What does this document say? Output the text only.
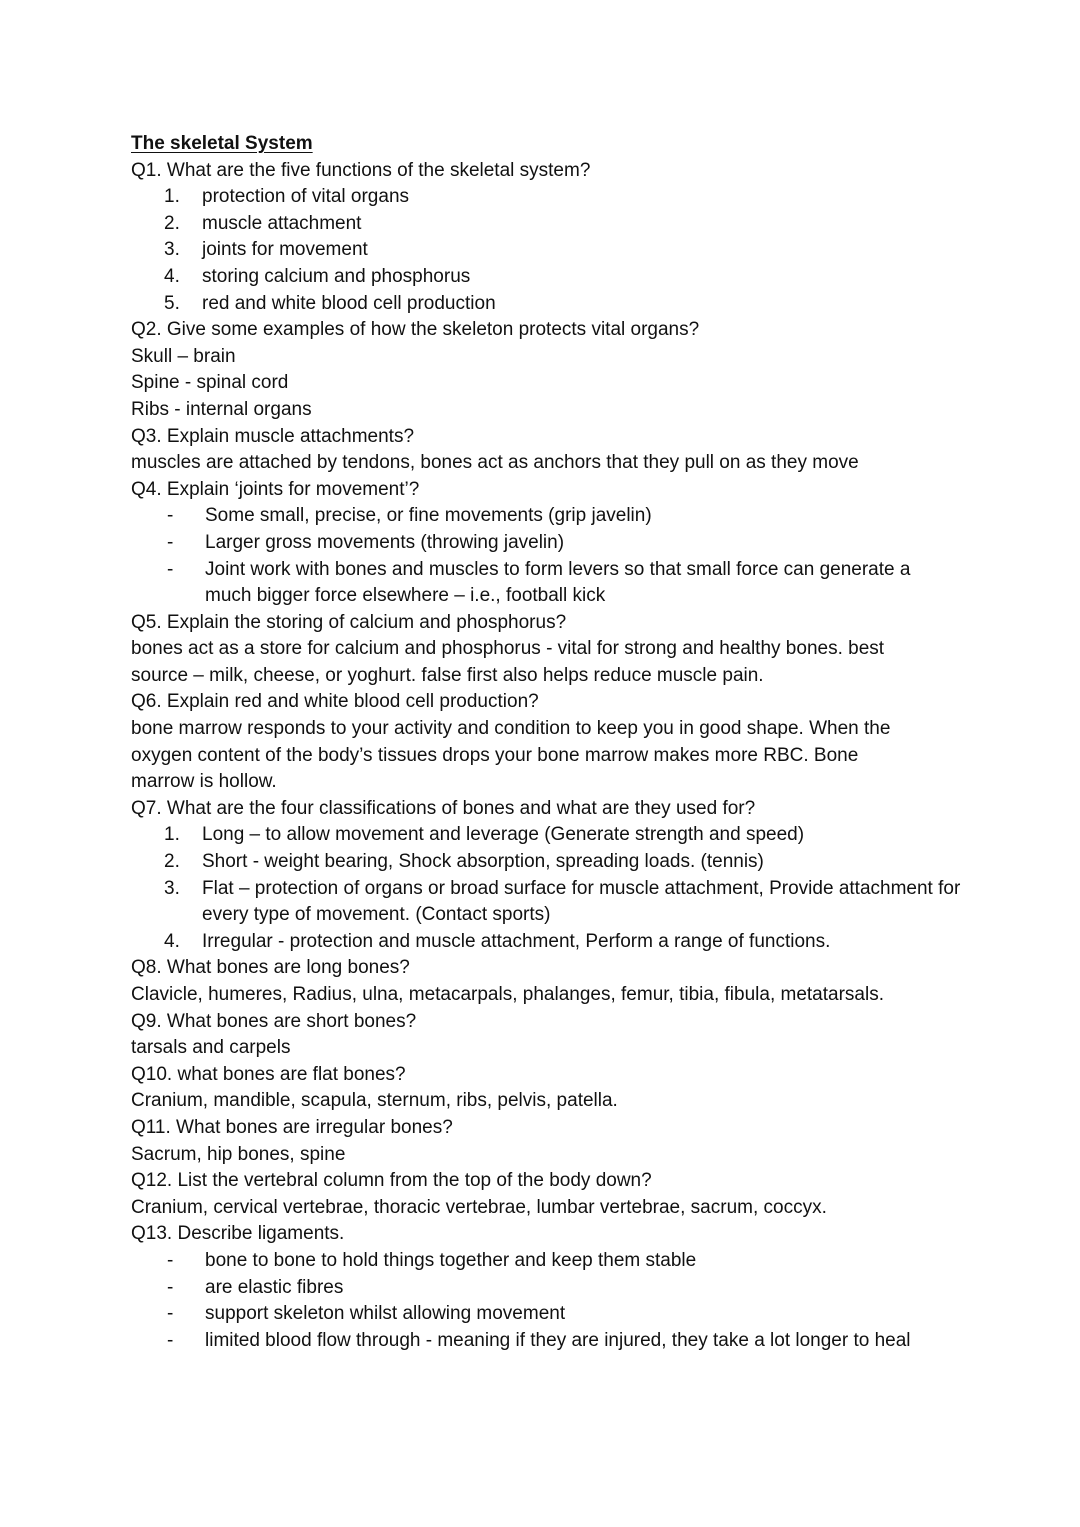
The skeletal System
Q1. What are the five functions of the skeletal system?
1.	protection of vital organs
2.	muscle attachment
3.	joints for movement
4.	storing calcium and phosphorus
5.	red and white blood cell production
Q2. Give some examples of how the skeleton protects vital organs?
Skull – brain
Spine - spinal cord
Ribs - internal organs
Q3. Explain muscle attachments?
muscles are attached by tendons, bones act as anchors that they pull on as they move
Q4. Explain ‘joints for movement’?
-	Some small, precise, or fine movements (grip javelin)
-	Larger gross movements (throwing javelin)
-	Joint work with bones and muscles to form levers so that small force can generate a much bigger force elsewhere – i.e., football kick
Q5. Explain the storing of calcium and phosphorus?
bones act as a store for calcium and phosphorus - vital for strong and healthy bones. best
source – milk, cheese, or yoghurt. false first also helps reduce muscle pain.
Q6. Explain red and white blood cell production?
bone marrow responds to your activity and condition to keep you in good shape. When the
oxygen content of the body’s tissues drops your bone marrow makes more RBC. Bone
marrow is hollow.
Q7. What are the four classifications of bones and what are they used for?
1.	Long – to allow movement and leverage (Generate strength and speed)
2.	Short - weight bearing, Shock absorption, spreading loads. (tennis)
3.	Flat – protection of organs or broad surface for muscle attachment, Provide attachment for every type of movement. (Contact sports)
4.	Irregular - protection and muscle attachment, Perform a range of functions.
Q8. What bones are long bones?
Clavicle, humeres, Radius, ulna, metacarpals, phalanges, femur, tibia, fibula, metatarsals.
Q9. What bones are short bones?
tarsals and carpels
Q10. what bones are flat bones?
Cranium, mandible, scapula, sternum, ribs, pelvis, patella.
Q11. What bones are irregular bones?
Sacrum, hip bones, spine
Q12. List the vertebral column from the top of the body down?
Cranium, cervical vertebrae, thoracic vertebrae, lumbar vertebrae, sacrum, coccyx.
Q13. Describe ligaments.
-	bone to bone to hold things together and keep them stable
-	are elastic fibres
-	support skeleton whilst allowing movement
-	limited blood flow through - meaning if they are injured, they take a lot longer to heal
